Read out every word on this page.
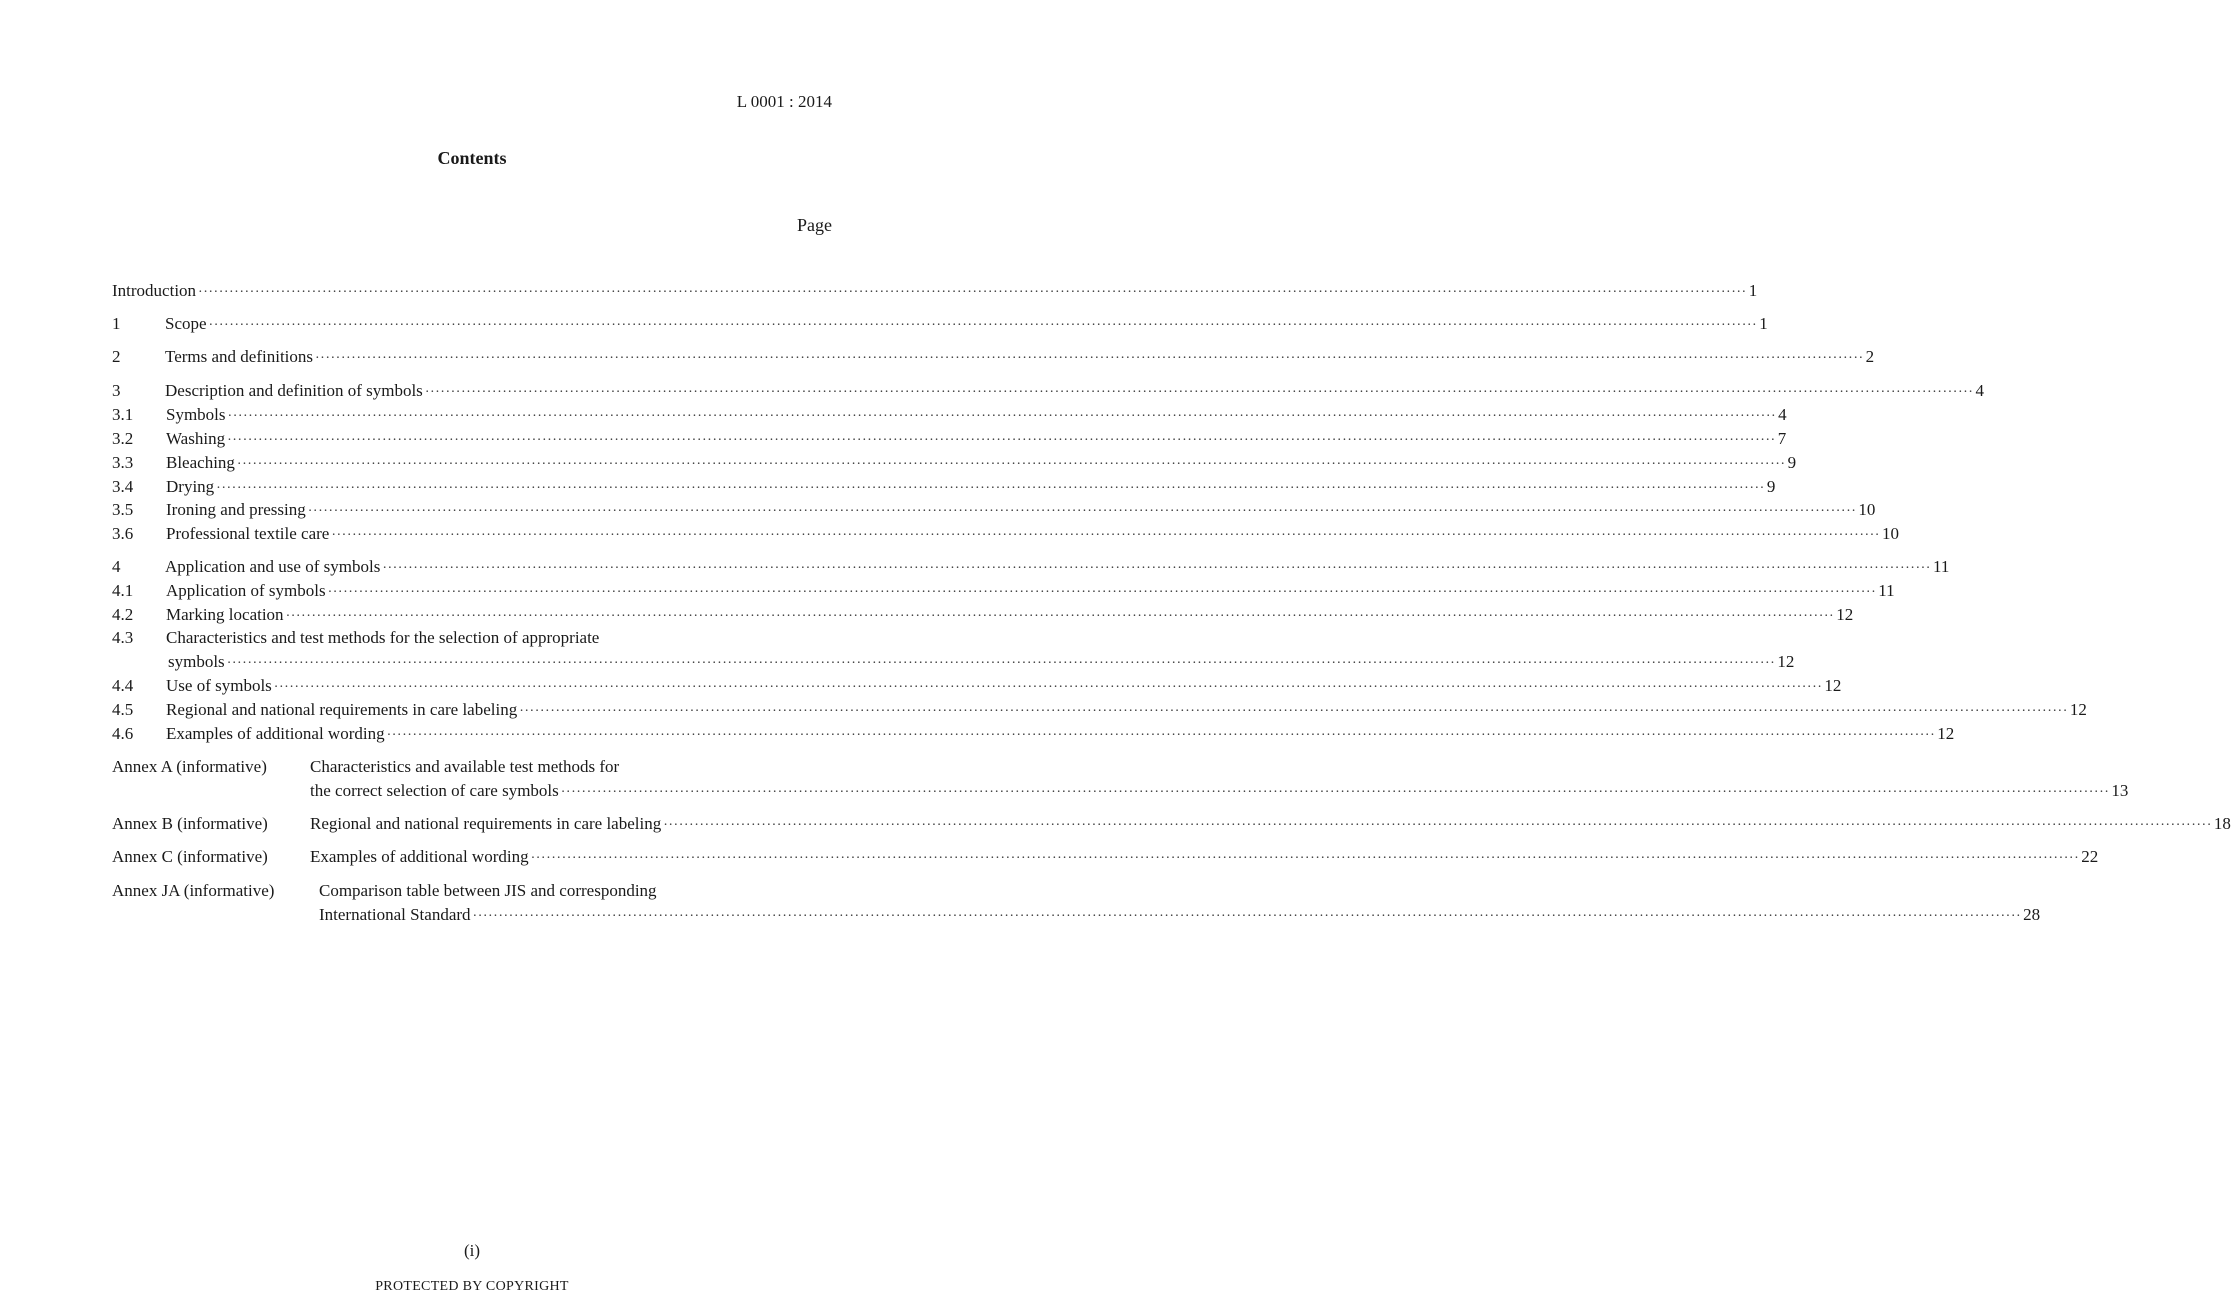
L 0001 : 2014
Contents
Page
Introduction ············································································································································································································································································································ 1
1	Scope ············································································································································································································································································································ 1
2	Terms and definitions ············································································································································································································································································································ 2
3	Description and definition of symbols ············································································································································································································································································································ 4
3.1 Symbols ············································································································································································································································································································ 4
3.2 Washing ············································································································································································································································································································ 7
3.3 Bleaching ············································································································································································································································································································ 9
3.4 Drying ············································································································································································································································································································ 9
3.5 Ironing and pressing ············································································································································································································································································································ 10
3.6 Professional textile care ············································································································································································································································································································ 10
4	Application and use of symbols ············································································································································································································································································································ 11
4.1 Application of symbols ············································································································································································································································································································ 11
4.2 Marking location ············································································································································································································································································································ 12
4.3 Characteristics and test methods for the selection of appropriate
symbols ············································································································································································································································································································ 12
4.4 Use of symbols ············································································································································································································································································································ 12
4.5 Regional and national requirements in care labeling ············································································································································································································································································································ 12
4.6 Examples of additional wording ············································································································································································································································································································ 12
Annex A (informative)	Characteristics and available test methods for
the correct selection of care symbols ············································································································································································································································································································ 13
Annex B (informative) Regional and national requirements in care labeling ············································································································································································································································································································ 18
Annex C (informative) Examples of additional wording ············································································································································································································································································································ 22
Annex JA (informative)	Comparison table between JIS and corresponding
International Standard ············································································································································································································································································································ 28
(i)
PROTECTED BY COPYRIGHT
